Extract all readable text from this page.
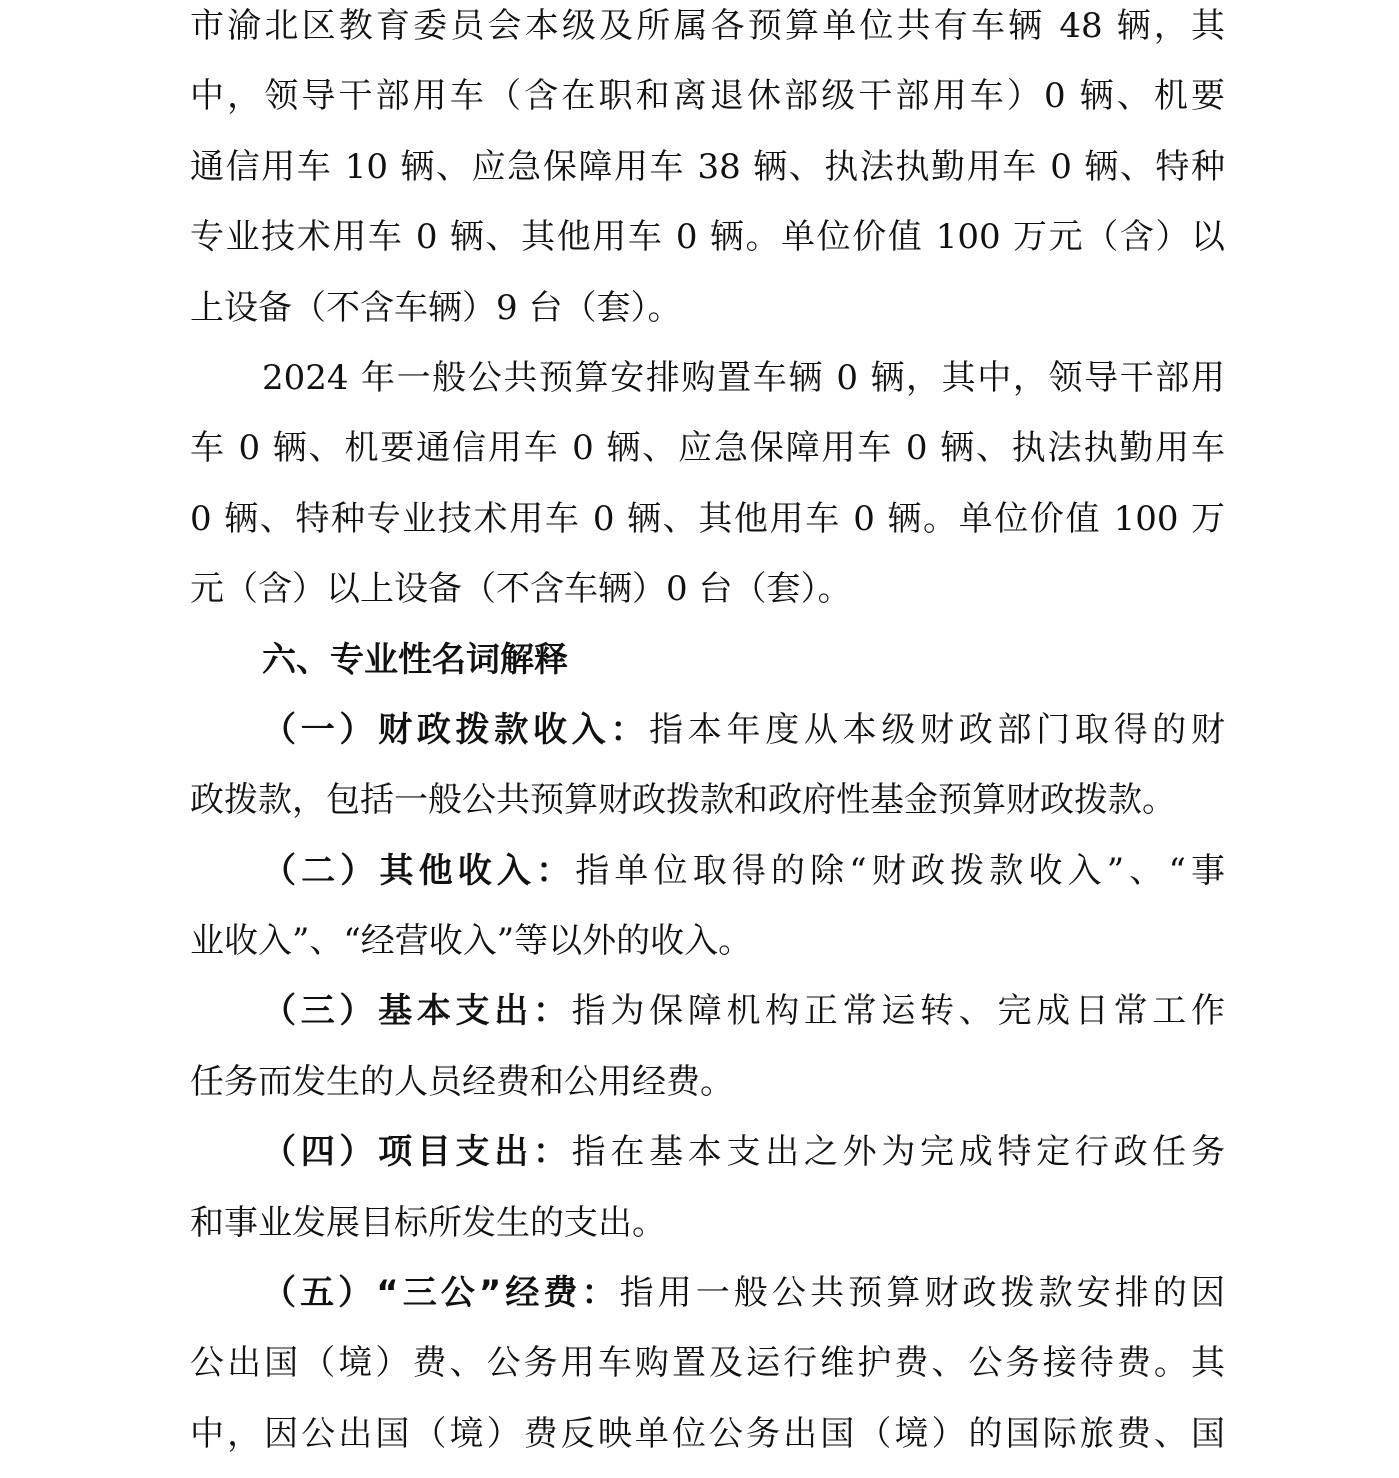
市渝北区教育委员会本级及所属各预算单位共有车辆 48 辆，其
中，领导干部用车（含在职和离退休部级干部用车）0 辆、机要
通信用车 10 辆、应急保障用车 38 辆、执法执勤用车 0 辆、特种
专业技术用车 0 辆、其他用车 0 辆。单位价值 100 万元（含）以
上设备（不含车辆）9 台（套）。
2024 年一般公共预算安排购置车辆 0 辆，其中，领导干部用
车 0 辆、机要通信用车 0 辆、应急保障用车 0 辆、执法执勤用车
0 辆、特种专业技术用车 0 辆、其他用车 0 辆。单位价值 100 万
元（含）以上设备（不含车辆）0 台（套）。
六、专业性名词解释
（一）财政拨款收入：指本年度从本级财政部门取得的财
政拨款，包括一般公共预算财政拨款和政府性基金预算财政拨款。
（二）其他收入：指单位取得的除“财政拨款收入”、“事
业收入”、“经营收入”等以外的收入。
（三）基本支出：指为保障机构正常运转、完成日常工作
任务而发生的人员经费和公用经费。
（四）项目支出：指在基本支出之外为完成特定行政任务
和事业发展目标所发生的支出。
（五）“三公”经费：指用一般公共预算财政拨款安排的因
公出国（境）费、公务用车购置及运行维护费、公务接待费。其
中，因公出国（境）费反映单位公务出国（境）的国际旅费、国
